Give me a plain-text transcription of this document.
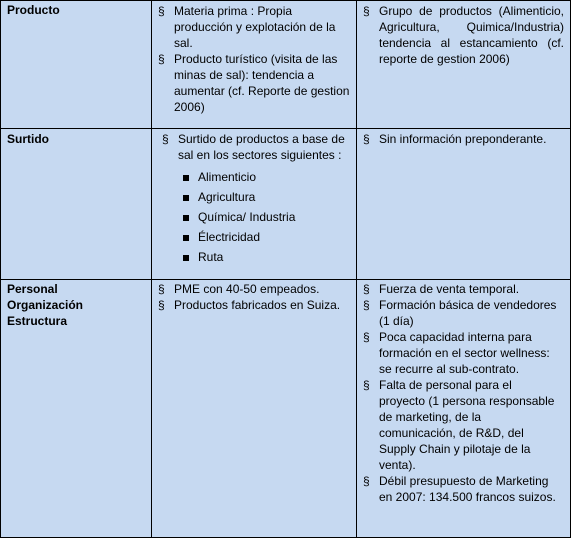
Producto	§ Materia prima : Propia producción y explotación de la sal.
§ Producto turístico (visita de las minas de sal): tendencia a aumentar (cf. Reporte de gestion 2006)
§ Grupo de productos (Alimenticio, Agricultura, Quimica/Industria) tendencia al estancamiento (cf. reporte de gestion 2006)
Surtido	§ Surtido de productos a base de sal en los sectores siguientes :
Alimenticio
Agricultura
Química/ Industria
Électricidad
Ruta
§ Sin información preponderante.
Personal
Organización
Estructura
§ PME con 40-50 empeados.
§ Productos fabricados en Suiza.
§ Fuerza de venta temporal.
§ Formación básica de vendedores (1 día)
§ Poca capacidad interna para formación en el sector wellness: se recurre al sub-contrato.
§ Falta de personal para el proyecto (1 persona responsable de marketing, de la comunicación, de R&D, del Supply Chain y pilotaje de la venta).
§ Débil presupuesto de Marketing en 2007: 134.500 francos suizos.
